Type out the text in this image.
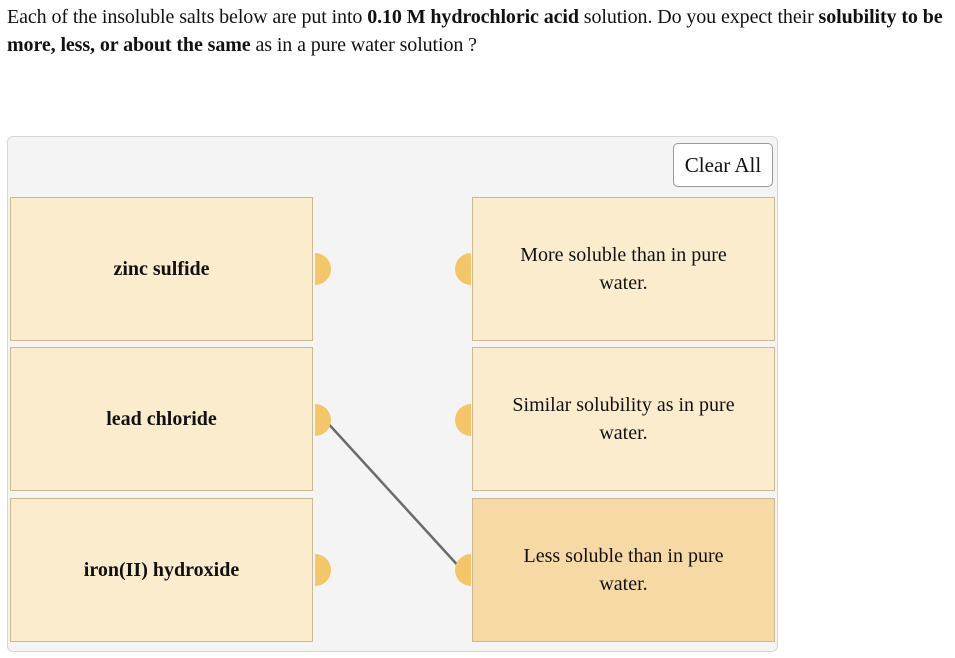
Each of the insoluble salts below are put into 0.10 M hydrochloric acid solution. Do you expect their solubility to be more, less, or about the same as in a pure water solution ?
Clear All
zinc sulfide
lead chloride
iron(II) hydroxide
More soluble than in pure water.
Similar solubility as in pure water.
Less soluble than in pure water.
